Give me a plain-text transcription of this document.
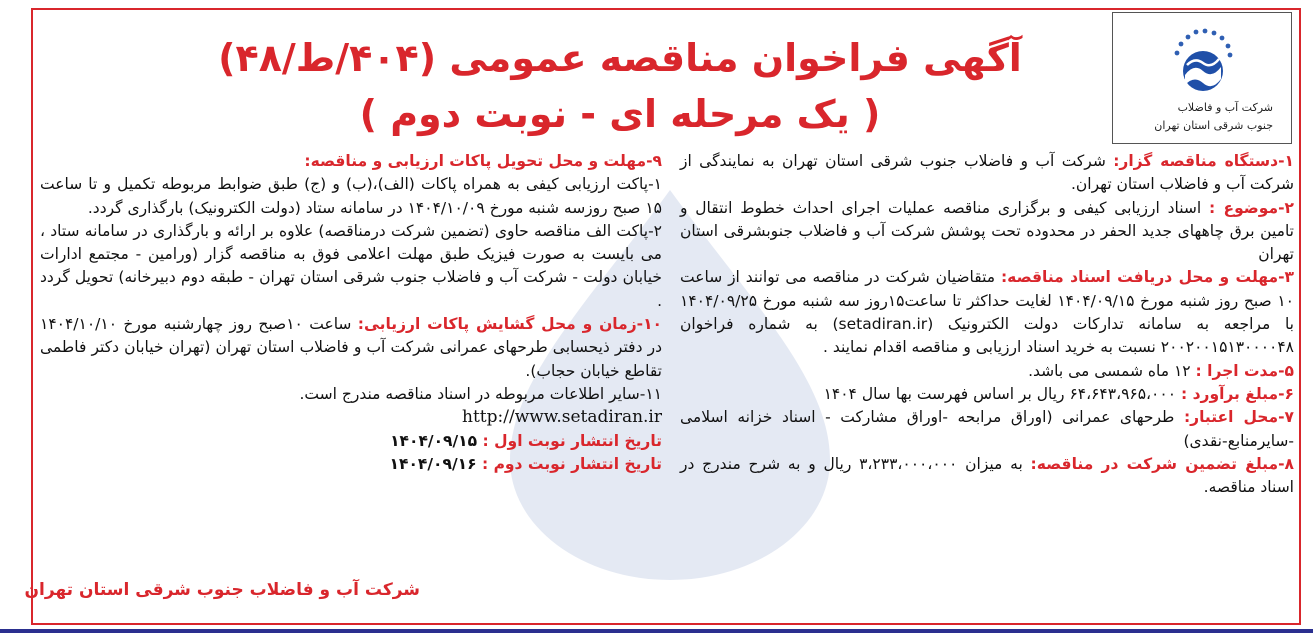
شرکت آب و فاضلاب
جنوب شرقی استان تهران
آگهی فراخوان مناقصه عمومی (۴۰۴/ط/۴۸)
( یک مرحله ای - نوبت دوم )

۱-دستگاه مناقصه گزار: شرکت آب و فاضلاب جنوب شرقی استان تهران به نمایندگی از شرکت آب و فاضلاب استان تهران.

۲-موضوع : اسناد ارزیابی کیفی و برگزاری مناقصه عملیات اجرای احداث خطوط انتقال و تامین برق چاههای جدید الحفر در محدوده تحت پوشش شرکت آب و فاضلاب جنوبشرقی استان تهران

۳-مهلت و محل دریافت اسناد مناقصه: متقاضیان شرکت در مناقصه می توانند از ساعت ۱۰ صبح روز شنبه مورخ ۱۴۰۴/۰۹/۱۵ لغایت حداکثر تا ساعت۱۵روز سه شنبه مورخ ۱۴۰۴/۰۹/۲۵ با مراجعه به سامانه تدارکات دولت الکترونیک (setadiran.ir) به شماره فراخوان ۲۰۰۲۰۰۱۵۱۳۰۰۰۰۴۸ نسبت به خرید اسناد ارزیابی و مناقصه اقدام نمایند .

۵-مدت اجرا : ۱۲ ماه شمسی می باشد.

۶-مبلغ برآورد : ۶۴،۶۴۳،۹۶۵،۰۰۰ ریال بر اساس فهرست بها سال ۱۴۰۴

۷-محل اعتبار: طرحهای عمرانی (اوراق مرابحه -اوراق مشارکت - اسناد خزانه اسلامی -سایرمنابع-نقدی)

۸-مبلغ تضمین شرکت در مناقصه: به میزان ۳،۲۳۳،۰۰۰،۰۰۰ ریال و به شرح مندرج در اسناد مناقصه.

۹-مهلت و محل تحویل پاکات ارزیابی و مناقصه:

۱-پاکت ارزیابی کیفی به همراه پاکات (الف)،(ب) و (ج) طبق ضوابط مربوطه تکمیل و تا ساعت ۱۵ صبح روزسه شنبه مورخ ۱۴۰۴/۱۰/۰۹ در سامانه ستاد (دولت الکترونیک) بارگذاری گردد.

۲-پاکت الف مناقصه حاوی (تضمین شرکت درمناقصه) علاوه بر ارائه و بارگذاری در سامانه ستاد ، می بایست به صورت فیزیک طبق مهلت اعلامی فوق به مناقصه گزار (ورامین - مجتمع ادارات خیابان دولت - شرکت آب و فاضلاب جنوب شرقی استان تهران - طبقه دوم دبیرخانه) تحویل گردد .

۱۰-زمان و محل گشایش پاکات ارزیابی: ساعت ۱۰صبح روز چهارشنبه مورخ ۱۴۰۴/۱۰/۱۰ در دفتر ذیحسابی طرحهای عمرانی شرکت آب و فاضلاب استان تهران (تهران خیابان دکتر فاطمی تقاطع خیابان حجاب).

۱۱-سایر اطلاعات مربوطه در اسناد مناقصه مندرج است.

http://www.setadiran.ir

تاریخ انتشار نوبت اول : ۱۴۰۴/۰۹/۱۵

تاریخ انتشار نوبت دوم : ۱۴۰۴/۰۹/۱۶

شرکت آب و فاضلاب جنوب شرقی استان تهران
